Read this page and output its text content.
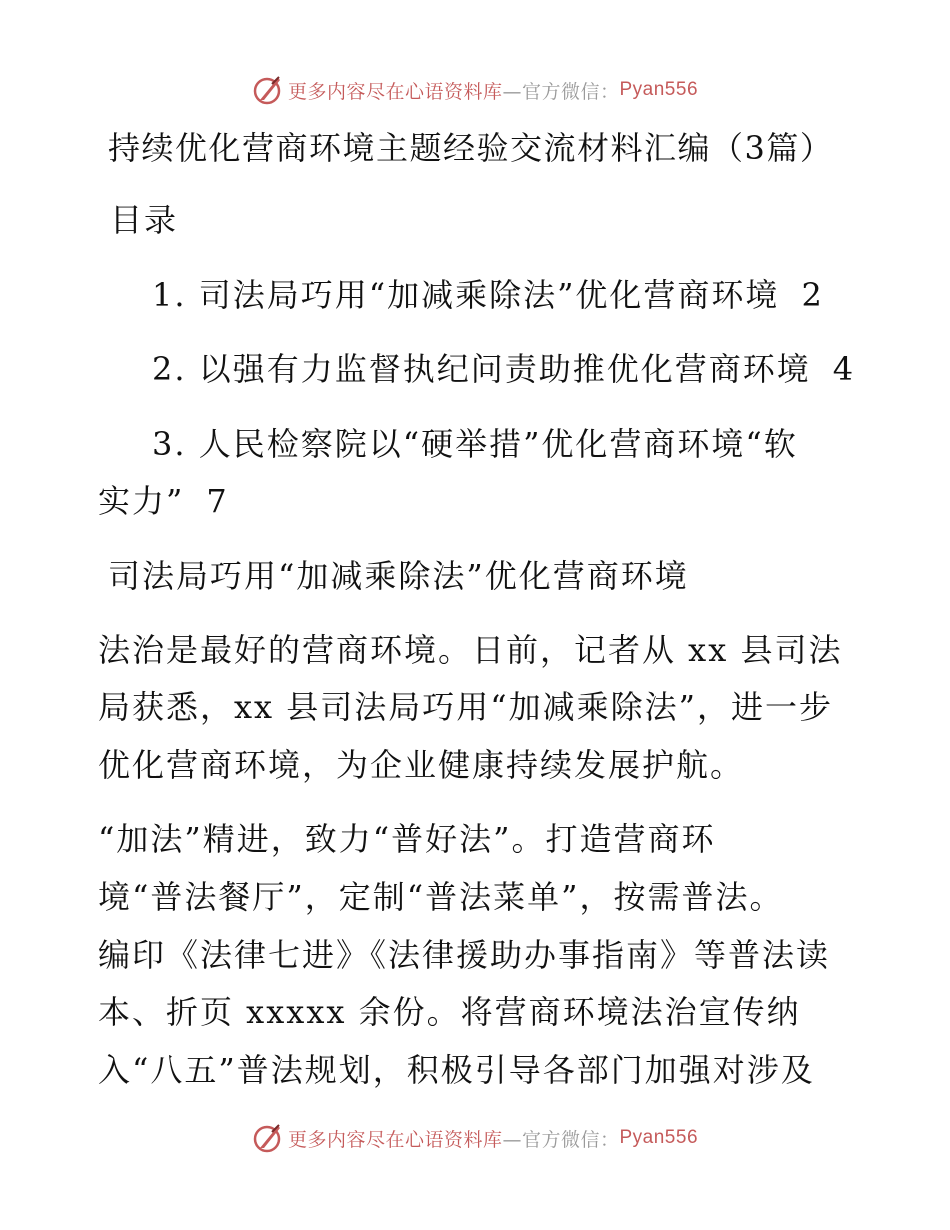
更多内容尽在心语资料库 —官方微信： Pyan556
持续优化营商环境主题经验交流材料汇编（3篇）
目录
1. 司法局巧用“加减乘除法”优化营商环境 2
2. 以强有力监督执纪问责助推优化营商环境 4
3. 人民检察院以“硬举措”优化营商环境“软
实力” 7
司法局巧用“加减乘除法”优化营商环境
法治是最好的营商环境。日前，记者从 xx 县司法
局获悉，xx 县司法局巧用“加减乘除法”，进一步
优化营商环境，为企业健康持续发展护航。
“加法”精进，致力“普好法”。打造营商环
境“普法餐厅”，定制“普法菜单”，按需普法。
编印《法律七进》《法律援助办事指南》等普法读
本、折页 xxxxx 余份。将营商环境法治宣传纳
入“八五”普法规划，积极引导各部门加强对涉及
更多内容尽在心语资料库 —官方微信： Pyan556
